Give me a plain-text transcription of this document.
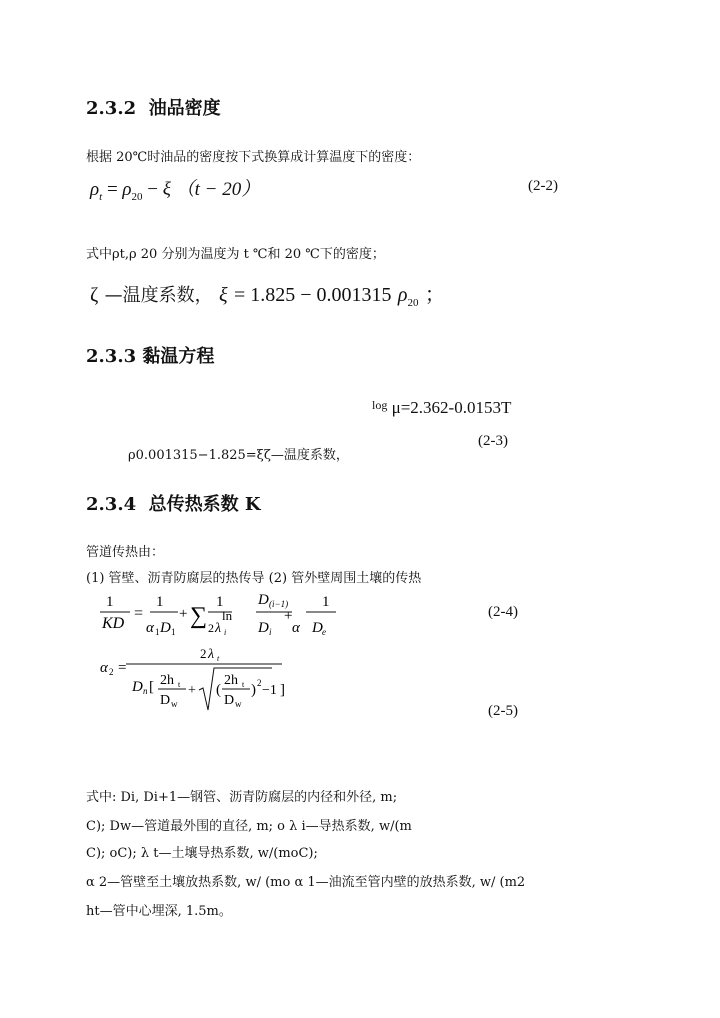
2.3.2 油品密度
根据 20℃时油品的密度按下式换算成计算温度下的密度：
$\rho_t = \rho_{20} - \xi$ （t − 20）	(2-2)
式中ρt,ρ 20 分别为温度为 t ℃和 20 ℃下的密度；
ζ —温度系数， ξ = 1.825 − 0.001315 $\rho_{20}$ ；
2.3.3 黏温方程
$^{log}$ μ=2.362-0.0153T
(2-3)
ρ0.001315−1.825=ξζ—温度系数，
2.3.4 总传热系数 K
管道传热由：
(1) 管壁、沥青防腐层的热传导 (2) 管外壁周围土壤的传热
1
KD
=
1
α 1 D 1
+ ∑
1
2 λ i
ln
D (i−1)
D i
+
1
α D e
(2-4)
α 2 =
2 λ t
D n [ 2h t
D w
+ (
2h t
D w
) 2 −1 ]
(2-5)
式中: Di, Di+1—钢管、沥青防腐层的内径和外径, m;
C); Dw—管道最外围的直径, m; ο λ i—导热系数, w/(m
C); οC); λ t—土壤导热系数, w/(mοC);
α 2—管壁至土壤放热系数, w/ (mο α 1—油流至管内壁的放热系数, w/ (m2
ht—管中心埋深, 1.5m。
